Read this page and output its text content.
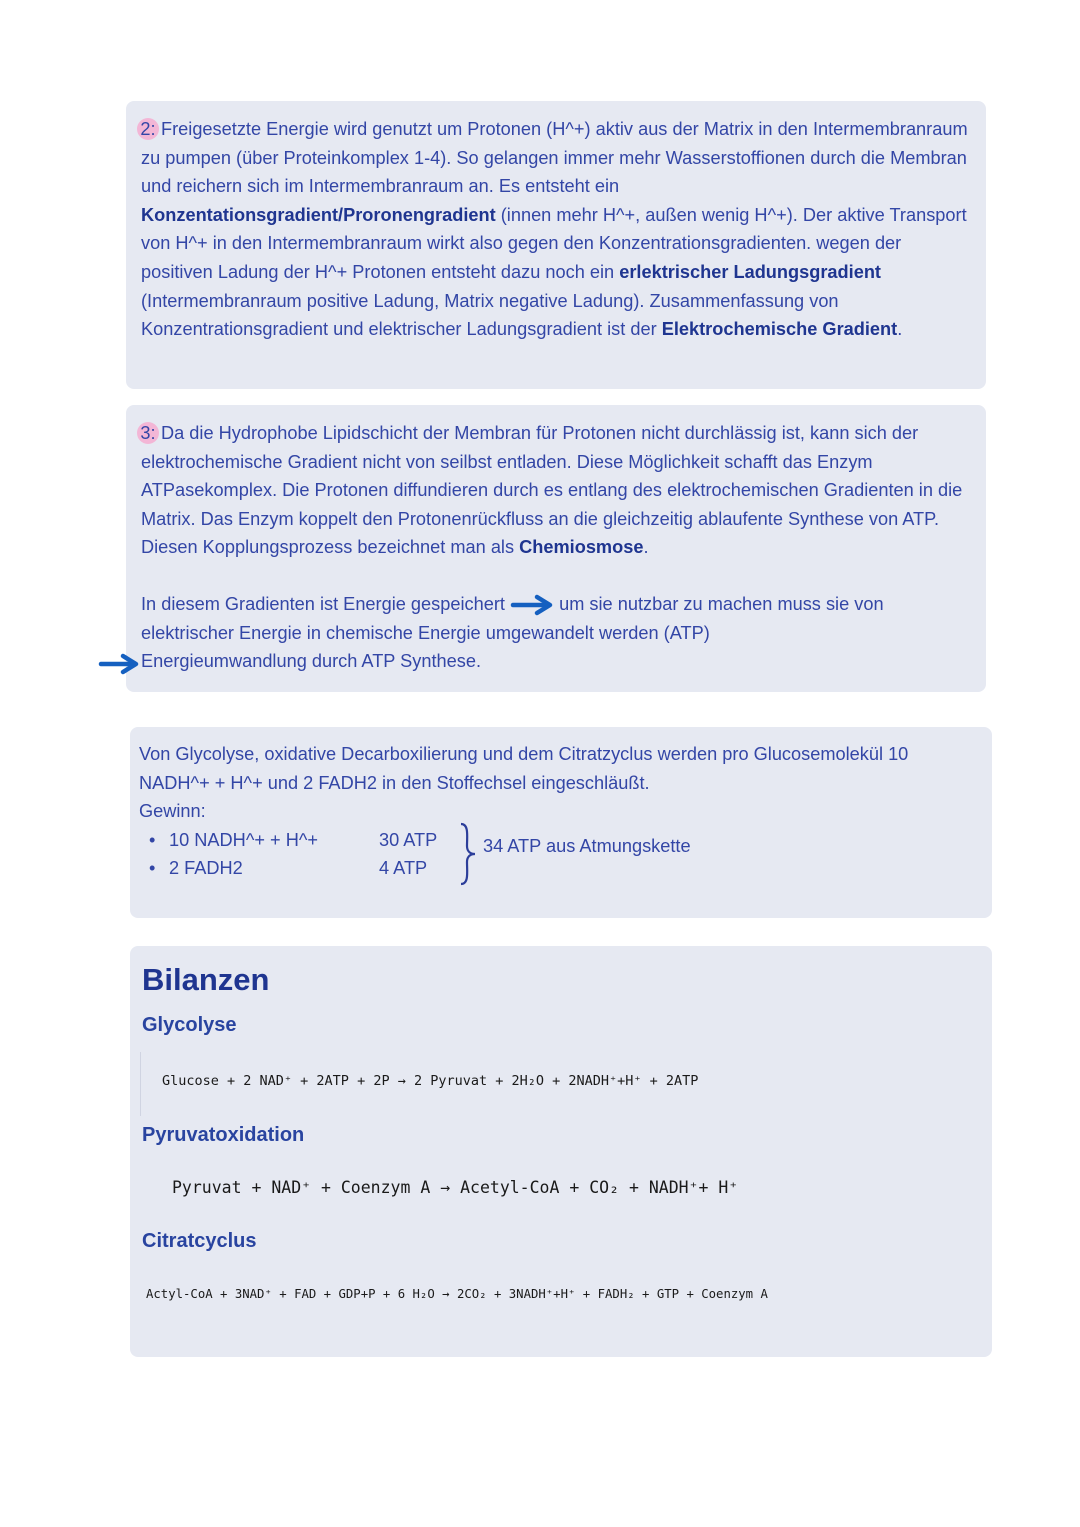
2: Freigesetzte Energie wird genutzt um Protonen (H^+) aktiv aus der Matrix in den Intermembranraum zu pumpen (über Proteinkomplex 1-4). So gelangen immer mehr Wasserstoffionen durch die Membran und reichern sich im Intermembranraum an. Es entsteht ein Konzentationsgradient/Proronengradient (innen mehr H^+, außen wenig H^+). Der aktive Transport von H^+ in den Intermembranraum wirkt also gegen den Konzentrationsgradienten. wegen der positiven Ladung der H^+ Protonen entsteht dazu noch ein erlektrischer Ladungsgradient (Intermembranraum positive Ladung, Matrix negative Ladung). Zusammenfassung von Konzentrationsgradient und elektrischer Ladungsgradient ist der Elektrochemische Gradient.
3: Da die Hydrophobe Lipidschicht der Membran für Protonen nicht durchlässig ist, kann sich der elektrochemische Gradient nicht von seilbst entladen. Diese Möglichkeit schafft das Enzym ATPasekomplex. Die Protonen diffundieren durch es entlang des elektrochemischen Gradienten in die Matrix. Das Enzym koppelt den Protonenrückfluss an die gleichzeitig ablaufente Synthese von ATP. Diesen Kopplungsprozess bezeichnet man als Chemiosmose.
In diesem Gradienten ist Energie gespeichert	um sie nutzbar zu machen muss sie von
elektrischer Energie in chemische Energie umgewandelt werden (ATP)
Energieumwandlung durch ATP Synthese.
Von Glycolyse, oxidative Decarboxilierung und dem Citratzyclus werden pro Glucosemolekül 10 NADH^+ + H^+ und 2 FADH2 in den Stoffechsel eingeschläußt.
Gewinn:
• 10 NADH^+ + H^+	30 ATP
• 2 FADH2	4 ATP
34 ATP aus Atmungskette
Bilanzen
Glycolyse
Glucose + 2 NAD⁺ + 2ATP + 2P → 2 Pyruvat + 2H₂O + 2NADH⁺+H⁺ + 2ATP
Pyruvatoxidation
Pyruvat + NAD⁺ + Coenzym A → Acetyl-CoA + CO₂ + NADH⁺+ H⁺
Citratcyclus
Actyl-CoA + 3NAD⁺ + FAD + GDP+P + 6 H₂O → 2CO₂ + 3NADH⁺+H⁺ + FADH₂ + GTP + Coenzym A
